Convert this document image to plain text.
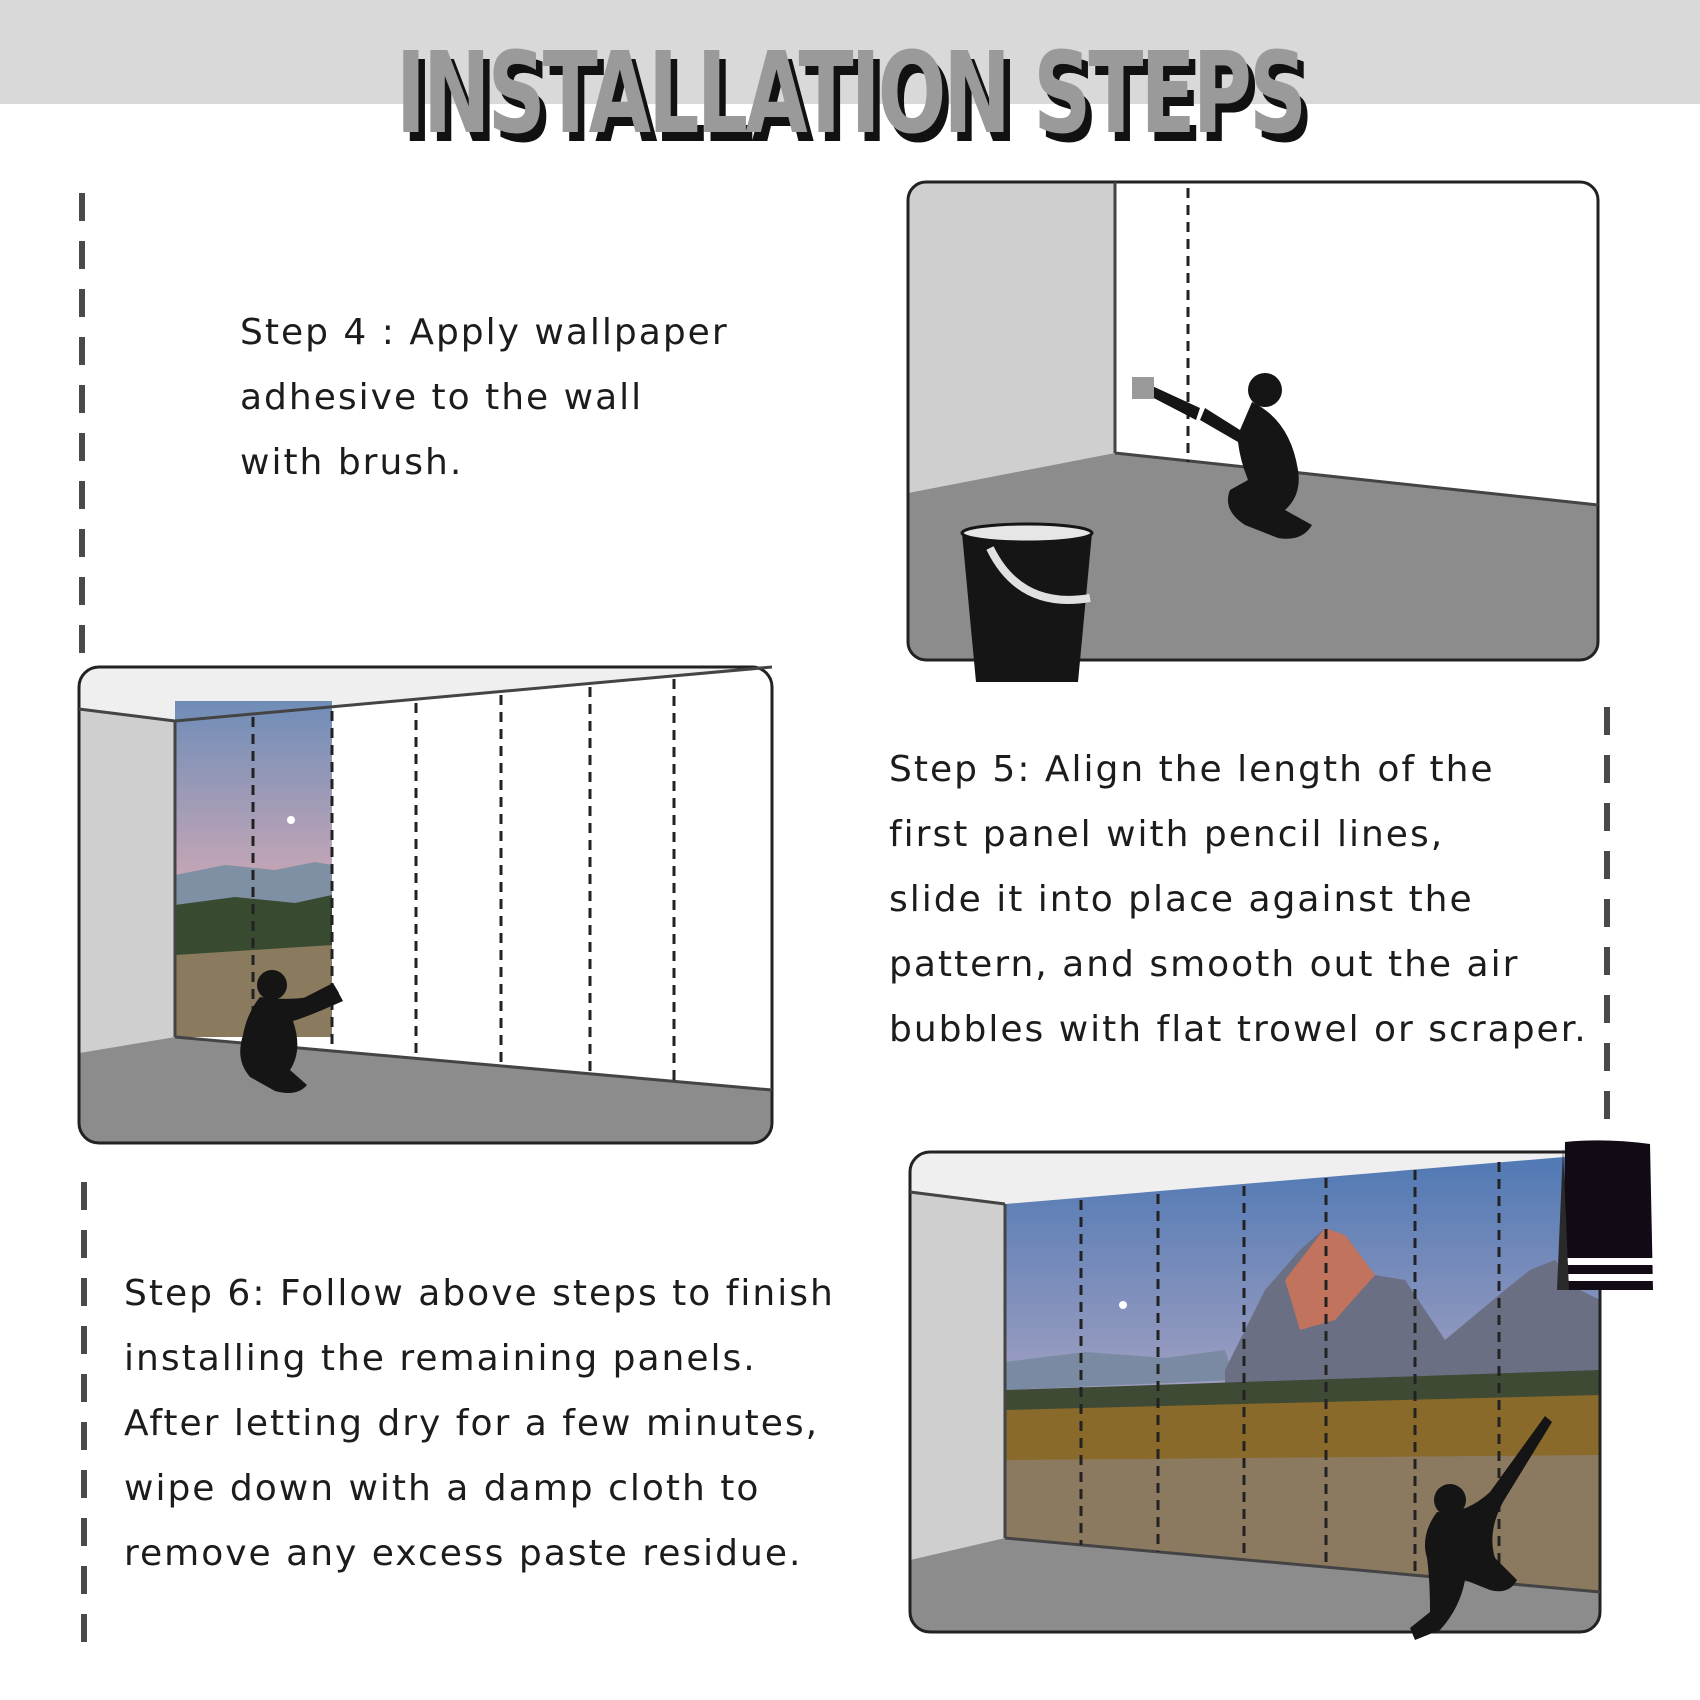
INSTALLATION STEPS
Step 4 : Apply wallpaper
adhesive to the wall
with brush.
Step 5: Align the length of the
first panel with pencil lines,
slide it into place against the
pattern, and smooth out the air
bubbles with flat trowel or scraper.
Step 6: Follow above steps to finish
installing the remaining panels.
After letting dry for a few minutes,
wipe down with a damp cloth to
remove any excess paste residue.
